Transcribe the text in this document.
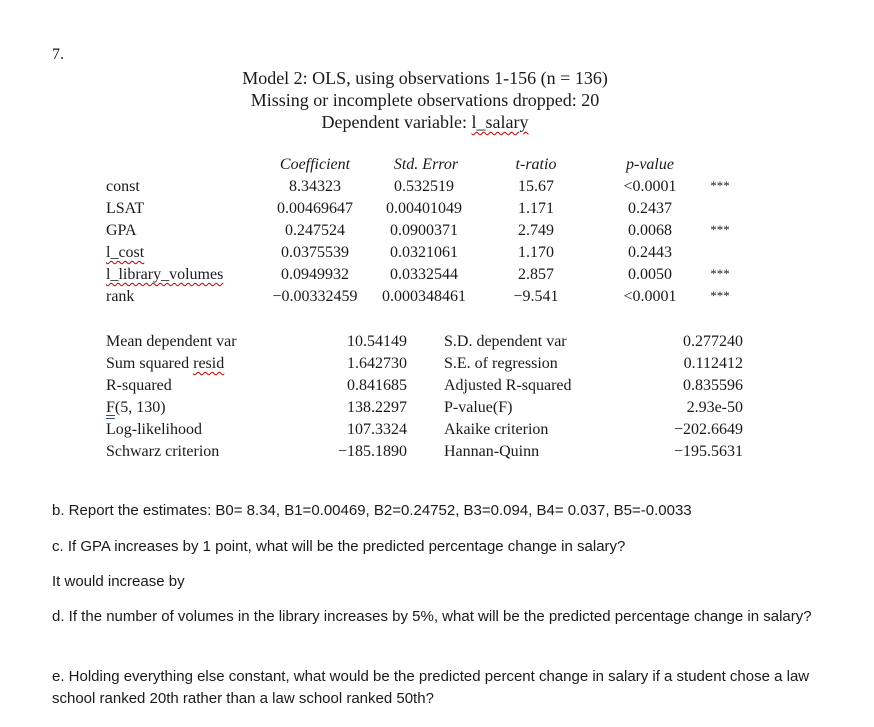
7.
Model 2: OLS, using observations 1-156 (n = 136)
Missing or incomplete observations dropped: 20
Dependent variable: l_salary
Coefficient	Std. Error	t-ratio	p-value
const	8.34323	0.532519	15.67	<0.0001	***
LSAT	0.00469647	0.00401049	1.171	0.2437
GPA	0.247524	0.0900371	2.749	0.0068	***
l_cost	0.0375539	0.0321061	1.170	0.2443
l_library_volumes	0.0949932	0.0332544	2.857	0.0050	***
rank	−0.00332459	0.000348461	−9.541	<0.0001	***
Mean dependent var	10.54149 S.D. dependent var	0.277240
Sum squared resid	1.642730 S.E. of regression	0.112412
R-squared	0.841685 Adjusted R-squared	0.835596
F(5, 130)	138.2297 P-value(F)	2.93e-50
Log-likelihood	107.3324 Akaike criterion	−202.6649
Schwarz criterion	−185.1890 Hannan-Quinn	−195.5631
b. Report the estimates: B0= 8.34, B1=0.00469, B2=0.24752, B3=0.094, B4= 0.037, B5=-0.0033
c. If GPA increases by 1 point, what will be the predicted percentage change in salary?
It would increase by
d. If the number of volumes in the library increases by 5%, what will be the predicted percentage change in salary?
e. Holding everything else constant, what would be the predicted percent change in salary if a student chose a law school ranked 20th rather than a law school ranked 50th?
